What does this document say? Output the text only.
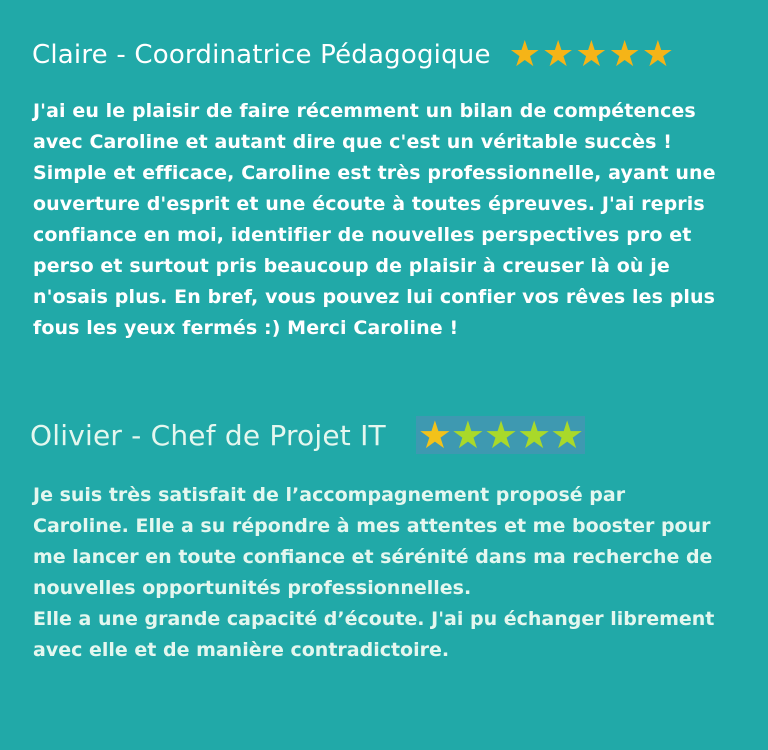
Claire - Coordinatrice Pédagogique ★ ★ ★ ★ ★
J'ai eu le plaisir de faire récemment un bilan de compétences
avec Caroline et autant dire que c'est un véritable succès !
Simple et efficace, Caroline est très professionnelle, ayant une
ouverture d'esprit et une écoute à toutes épreuves. J'ai repris
confiance en moi, identifier de nouvelles perspectives pro et
perso et surtout pris beaucoup de plaisir à creuser là où je
n'osais plus. En bref, vous pouvez lui confier vos rêves les plus
fous les yeux fermés :) Merci Caroline !
Olivier - Chef de Projet IT ★ ★ ★ ★ ★
Je suis très satisfait de l’accompagnement proposé par
Caroline. Elle a su répondre à mes attentes et me booster pour
me lancer en toute confiance et sérénité dans ma recherche de
nouvelles opportunités professionnelles.
Elle a une grande capacité d’écoute. J'ai pu échanger librement
avec elle et de manière contradictoire.
